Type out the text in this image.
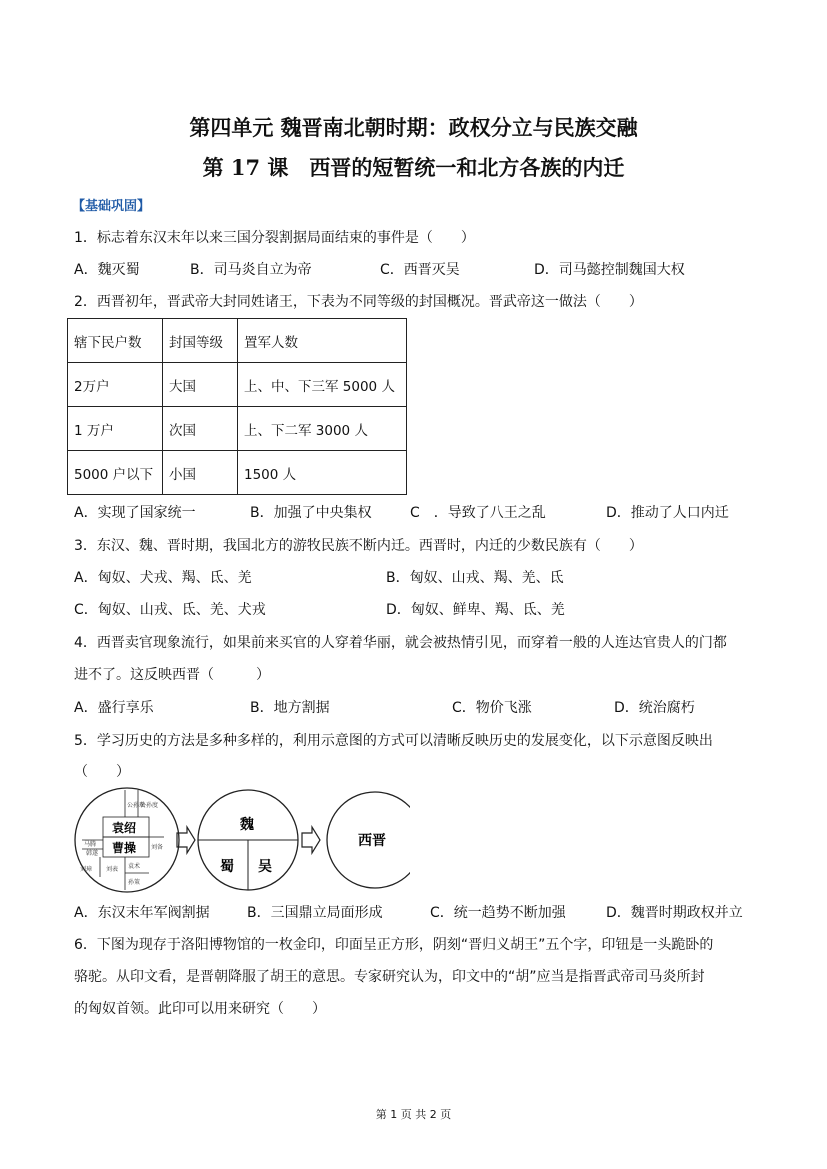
第四单元 魏晋南北朝时期：政权分立与民族交融
第 17 课　西晋的短暂统一和北方各族的内迁
【基础巩固】
1．标志着东汉末年以来三国分裂割据局面结束的事件是（　　）
A．魏灭蜀	B．司马炎自立为帝	C．西晋灭吴	D．司马懿控制魏国大权
2．西晋初年，晋武帝大封同姓诸王，下表为不同等级的封国概况。晋武帝这一做法（　　）
辖下民户数	封国等级	置军人数
2万户	大国	上、中、下三军 5000 人
1 万户	次国	上、下二军 3000 人
5000 户以下	小国	1500 人
A．实现了国家统一	B．加强了中央集权	C　．导致了八王之乱	D．推动了人口内迁
3．东汉、魏、晋时期，我国北方的游牧民族不断内迁。西晋时，内迁的少数民族有（　　）
A．匈奴、犬戎、羯、氐、羌	B．匈奴、山戎、羯、羌、氐
C．匈奴、山戎、氐、羌、犬戎	D．匈奴、鲜卑、羯、氐、羌
4．西晋卖官现象流行，如果前来买官的人穿着华丽，就会被热情引见，而穿着一般的人连达官贵人的门都
进不了。这反映西晋（　　　）
A．盛行享乐	B．地方割据	C．物价飞涨	D．统治腐朽
5．学习历史的方法是多种多样的，利用示意图的方式可以清晰反映历史的发展变化，以下示意图反映出
（　　）
公孙瓒
公孙度
马腾
韩遂
刘备
刘璋 刘表 袁术
孙策
袁绍
曹操
魏
蜀 吴
西晋
A．东汉末年军阀割据	B．三国鼎立局面形成	C．统一趋势不断加强	D．魏晋时期政权并立
6．下图为现存于洛阳博物馆的一枚金印，印面呈正方形，阴刻“晋归义胡王”五个字，印钮是一头跪卧的
骆驼。从印文看，是晋朝降服了胡王的意思。专家研究认为，印文中的“胡”应当是指晋武帝司马炎所封
的匈奴首领。此印可以用来研究（　　）
第 1 页 共 2 页
